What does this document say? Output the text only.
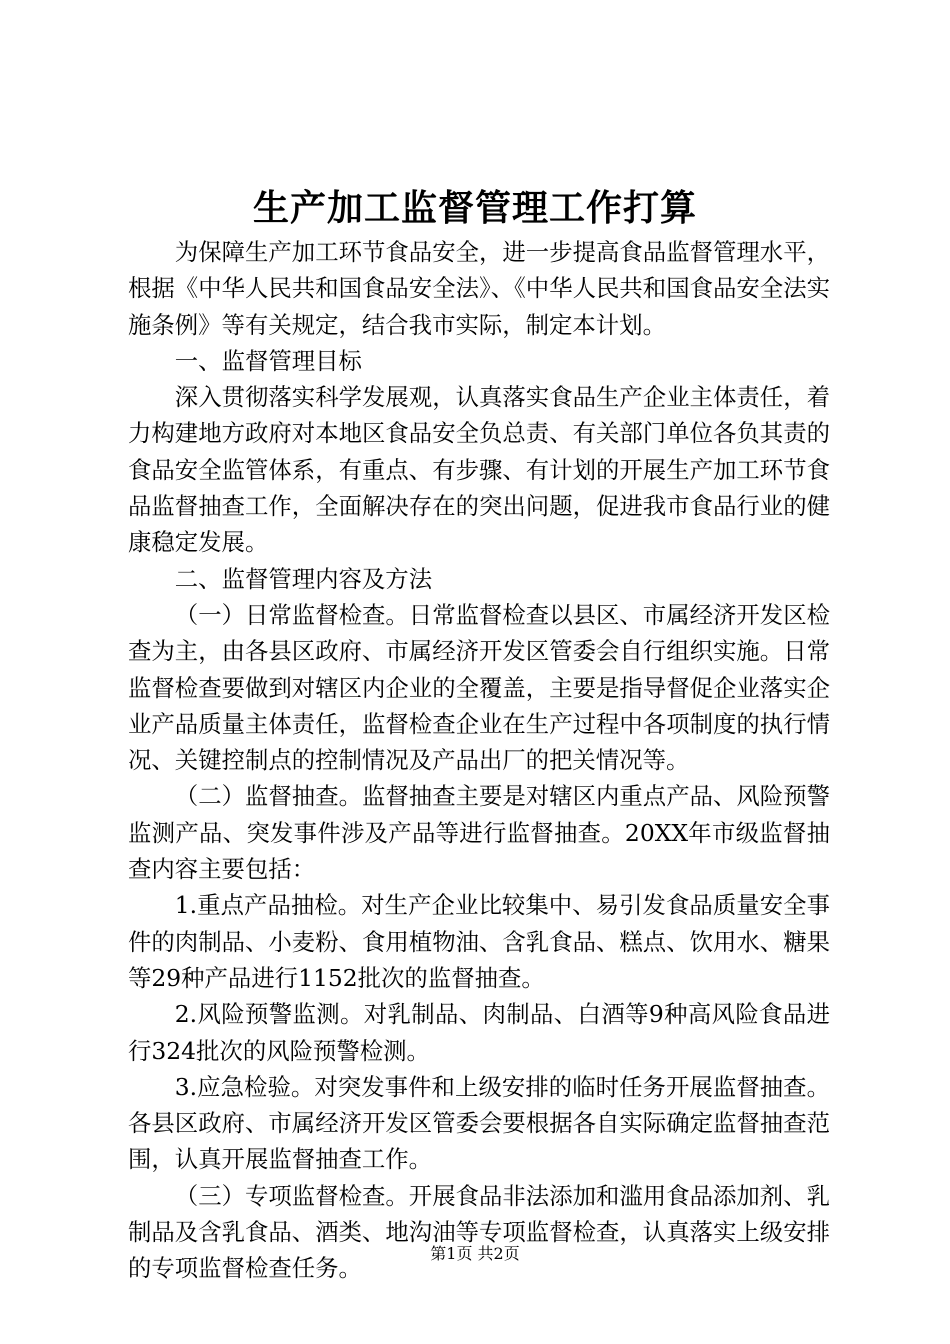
生产加工监督管理工作打算

为保障生产加工环节食品安全，进一步提高食品监督管理水平，根据《中华人民共和国食品安全法》、《中华人民共和国食品安全法实施条例》等有关规定，结合我市实际，制定本计划。

一、监督管理目标

深入贯彻落实科学发展观，认真落实食品生产企业主体责任，着力构建地方政府对本地区食品安全负总责、有关部门单位各负其责的食品安全监管体系，有重点、有步骤、有计划的开展生产加工环节食品监督抽查工作，全面解决存在的突出问题，促进我市食品行业的健康稳定发展。

二、监督管理内容及方法

（一）日常监督检查。日常监督检查以县区、市属经济开发区检查为主，由各县区政府、市属经济开发区管委会自行组织实施。日常监督检查要做到对辖区内企业的全覆盖，主要是指导督促企业落实企业产品质量主体责任，监督检查企业在生产过程中各项制度的执行情况、关键控制点的控制情况及产品出厂的把关情况等。

（二）监督抽查。监督抽查主要是对辖区内重点产品、风险预警监测产品、突发事件涉及产品等进行监督抽查。20XX年市级监督抽查内容主要包括：

1.重点产品抽检。对生产企业比较集中、易引发食品质量安全事件的肉制品、小麦粉、食用植物油、含乳食品、糕点、饮用水、糖果等29种产品进行1152批次的监督抽查。

2.风险预警监测。对乳制品、肉制品、白酒等9种高风险食品进行324批次的风险预警检测。

3.应急检验。对突发事件和上级安排的临时任务开展监督抽查。各县区政府、市属经济开发区管委会要根据各自实际确定监督抽查范围，认真开展监督抽查工作。

（三）专项监督检查。开展食品非法添加和滥用食品添加剂、乳制品及含乳食品、酒类、地沟油等专项监督检查，认真落实上级安排的专项监督检查任务。

第1页 共2页
